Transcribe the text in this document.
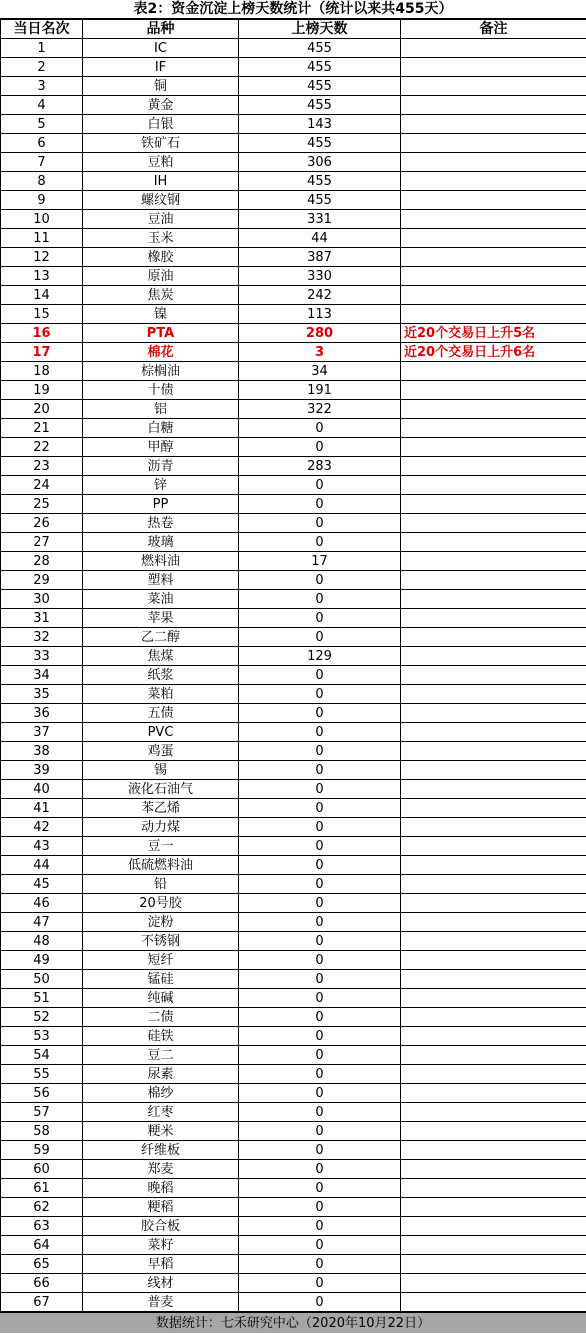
表2：资金沉淀上榜天数统计（统计以来共455天）
当日名次	品种	上榜天数	备注
1	IC	455	
2	IF	455	
3	铜	455	
4	黄金	455	
5	白银	143	
6	铁矿石	455	
7	豆粕	306	
8	IH	455	
9	螺纹钢	455	
10	豆油	331	
11	玉米	44	
12	橡胶	387	
13	原油	330	
14	焦炭	242	
15	镍	113	
16	PTA	280	近20个交易日上升5名
17	棉花	3	近20个交易日上升6名
18	棕榈油	34	
19	十债	191	
20	铝	322	
21	白糖	0	
22	甲醇	0	
23	沥青	283	
24	锌	0	
25	PP	0	
26	热卷	0	
27	玻璃	0	
28	燃料油	17	
29	塑料	0	
30	菜油	0	
31	苹果	0	
32	乙二醇	0	
33	焦煤	129	
34	纸浆	0	
35	菜粕	0	
36	五债	0	
37	PVC	0	
38	鸡蛋	0	
39	锡	0	
40	液化石油气	0	
41	苯乙烯	0	
42	动力煤	0	
43	豆一	0	
44	低硫燃料油	0	
45	铅	0	
46	20号胶	0	
47	淀粉	0	
48	不锈钢	0	
49	短纤	0	
50	锰硅	0	
51	纯碱	0	
52	二债	0	
53	硅铁	0	
54	豆二	0	
55	尿素	0	
56	棉纱	0	
57	红枣	0	
58	粳米	0	
59	纤维板	0	
60	郑麦	0	
61	晚稻	0	
62	粳稻	0	
63	胶合板	0	
64	菜籽	0	
65	早稻	0	
66	线材	0	
67	普麦	0	
数据统计：七禾研究中心（2020年10月22日）
